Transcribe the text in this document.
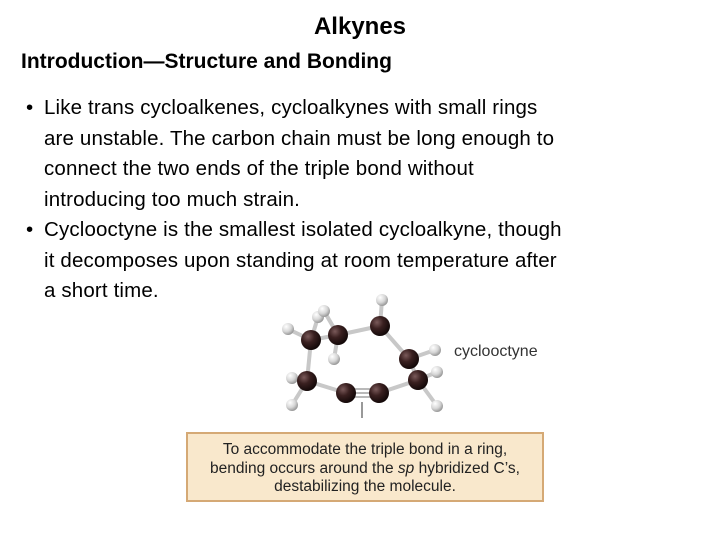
Alkynes
Introduction—Structure and Bonding
• Like trans cycloalkenes, cycloalkynes with small rings
are unstable. The carbon chain must be long enough to
connect the two ends of the triple bond without
introducing too much strain.
• Cyclooctyne is the smallest isolated cycloalkyne, though
it decomposes upon standing at room temperature after
a short time.
cyclooctyne

To accommodate the triple bond in a ring,

bending occurs around the sp hybridized C’s,

destabilizing the molecule.
